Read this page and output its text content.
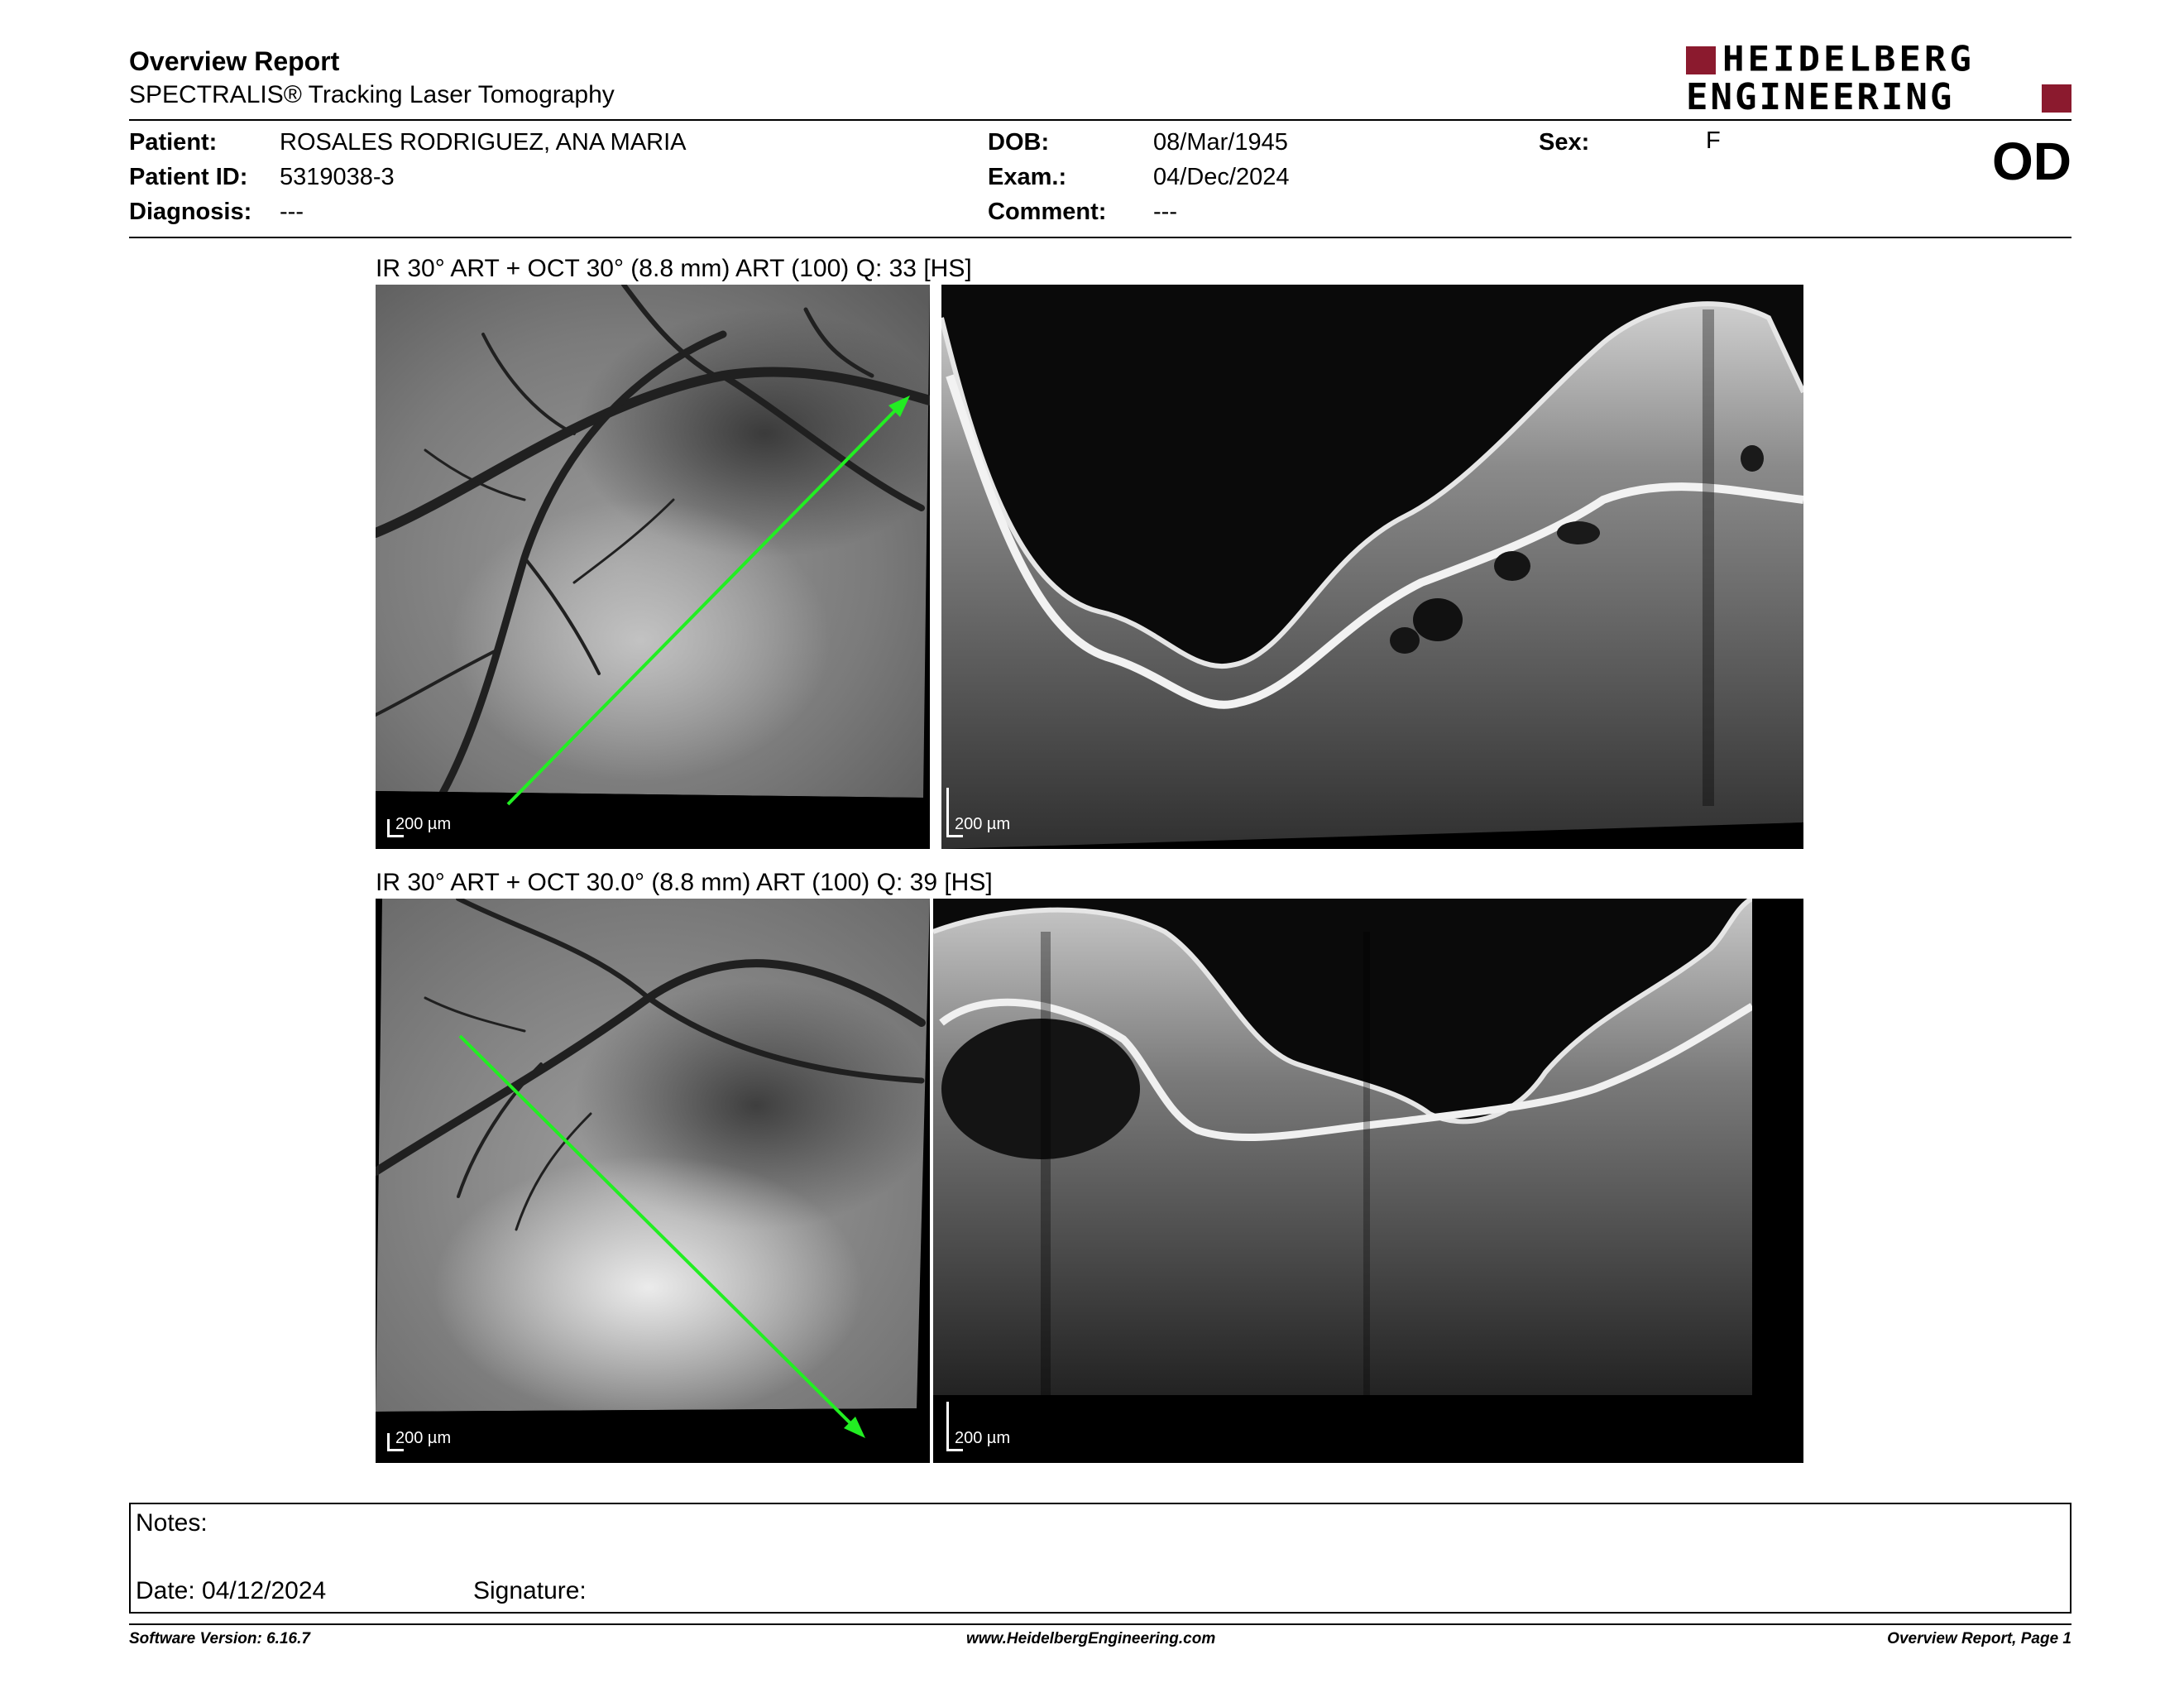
Overview Report
SPECTRALIS® Tracking Laser Tomography
HEIDELBERG
ENGINEERING
Patient:	ROSALES RODRIGUEZ, ANA MARIA
Patient ID: 5319038-3
Diagnosis: ---
DOB:	08/Mar/1945
Exam.:	04/Dec/2024
Comment: ---
Sex:	F	OD
IR 30° ART + OCT 30° (8.8 mm) ART (100) Q: 33 [HS]
200 µm	200 µm
IR 30° ART + OCT 30.0° (8.8 mm) ART (100) Q: 39 [HS]
200 µm	200 µm
Notes:
Date: 04/12/2024	Signature:
Software Version: 6.16.7	www.HeidelbergEngineering.com	Overview Report, Page 1
